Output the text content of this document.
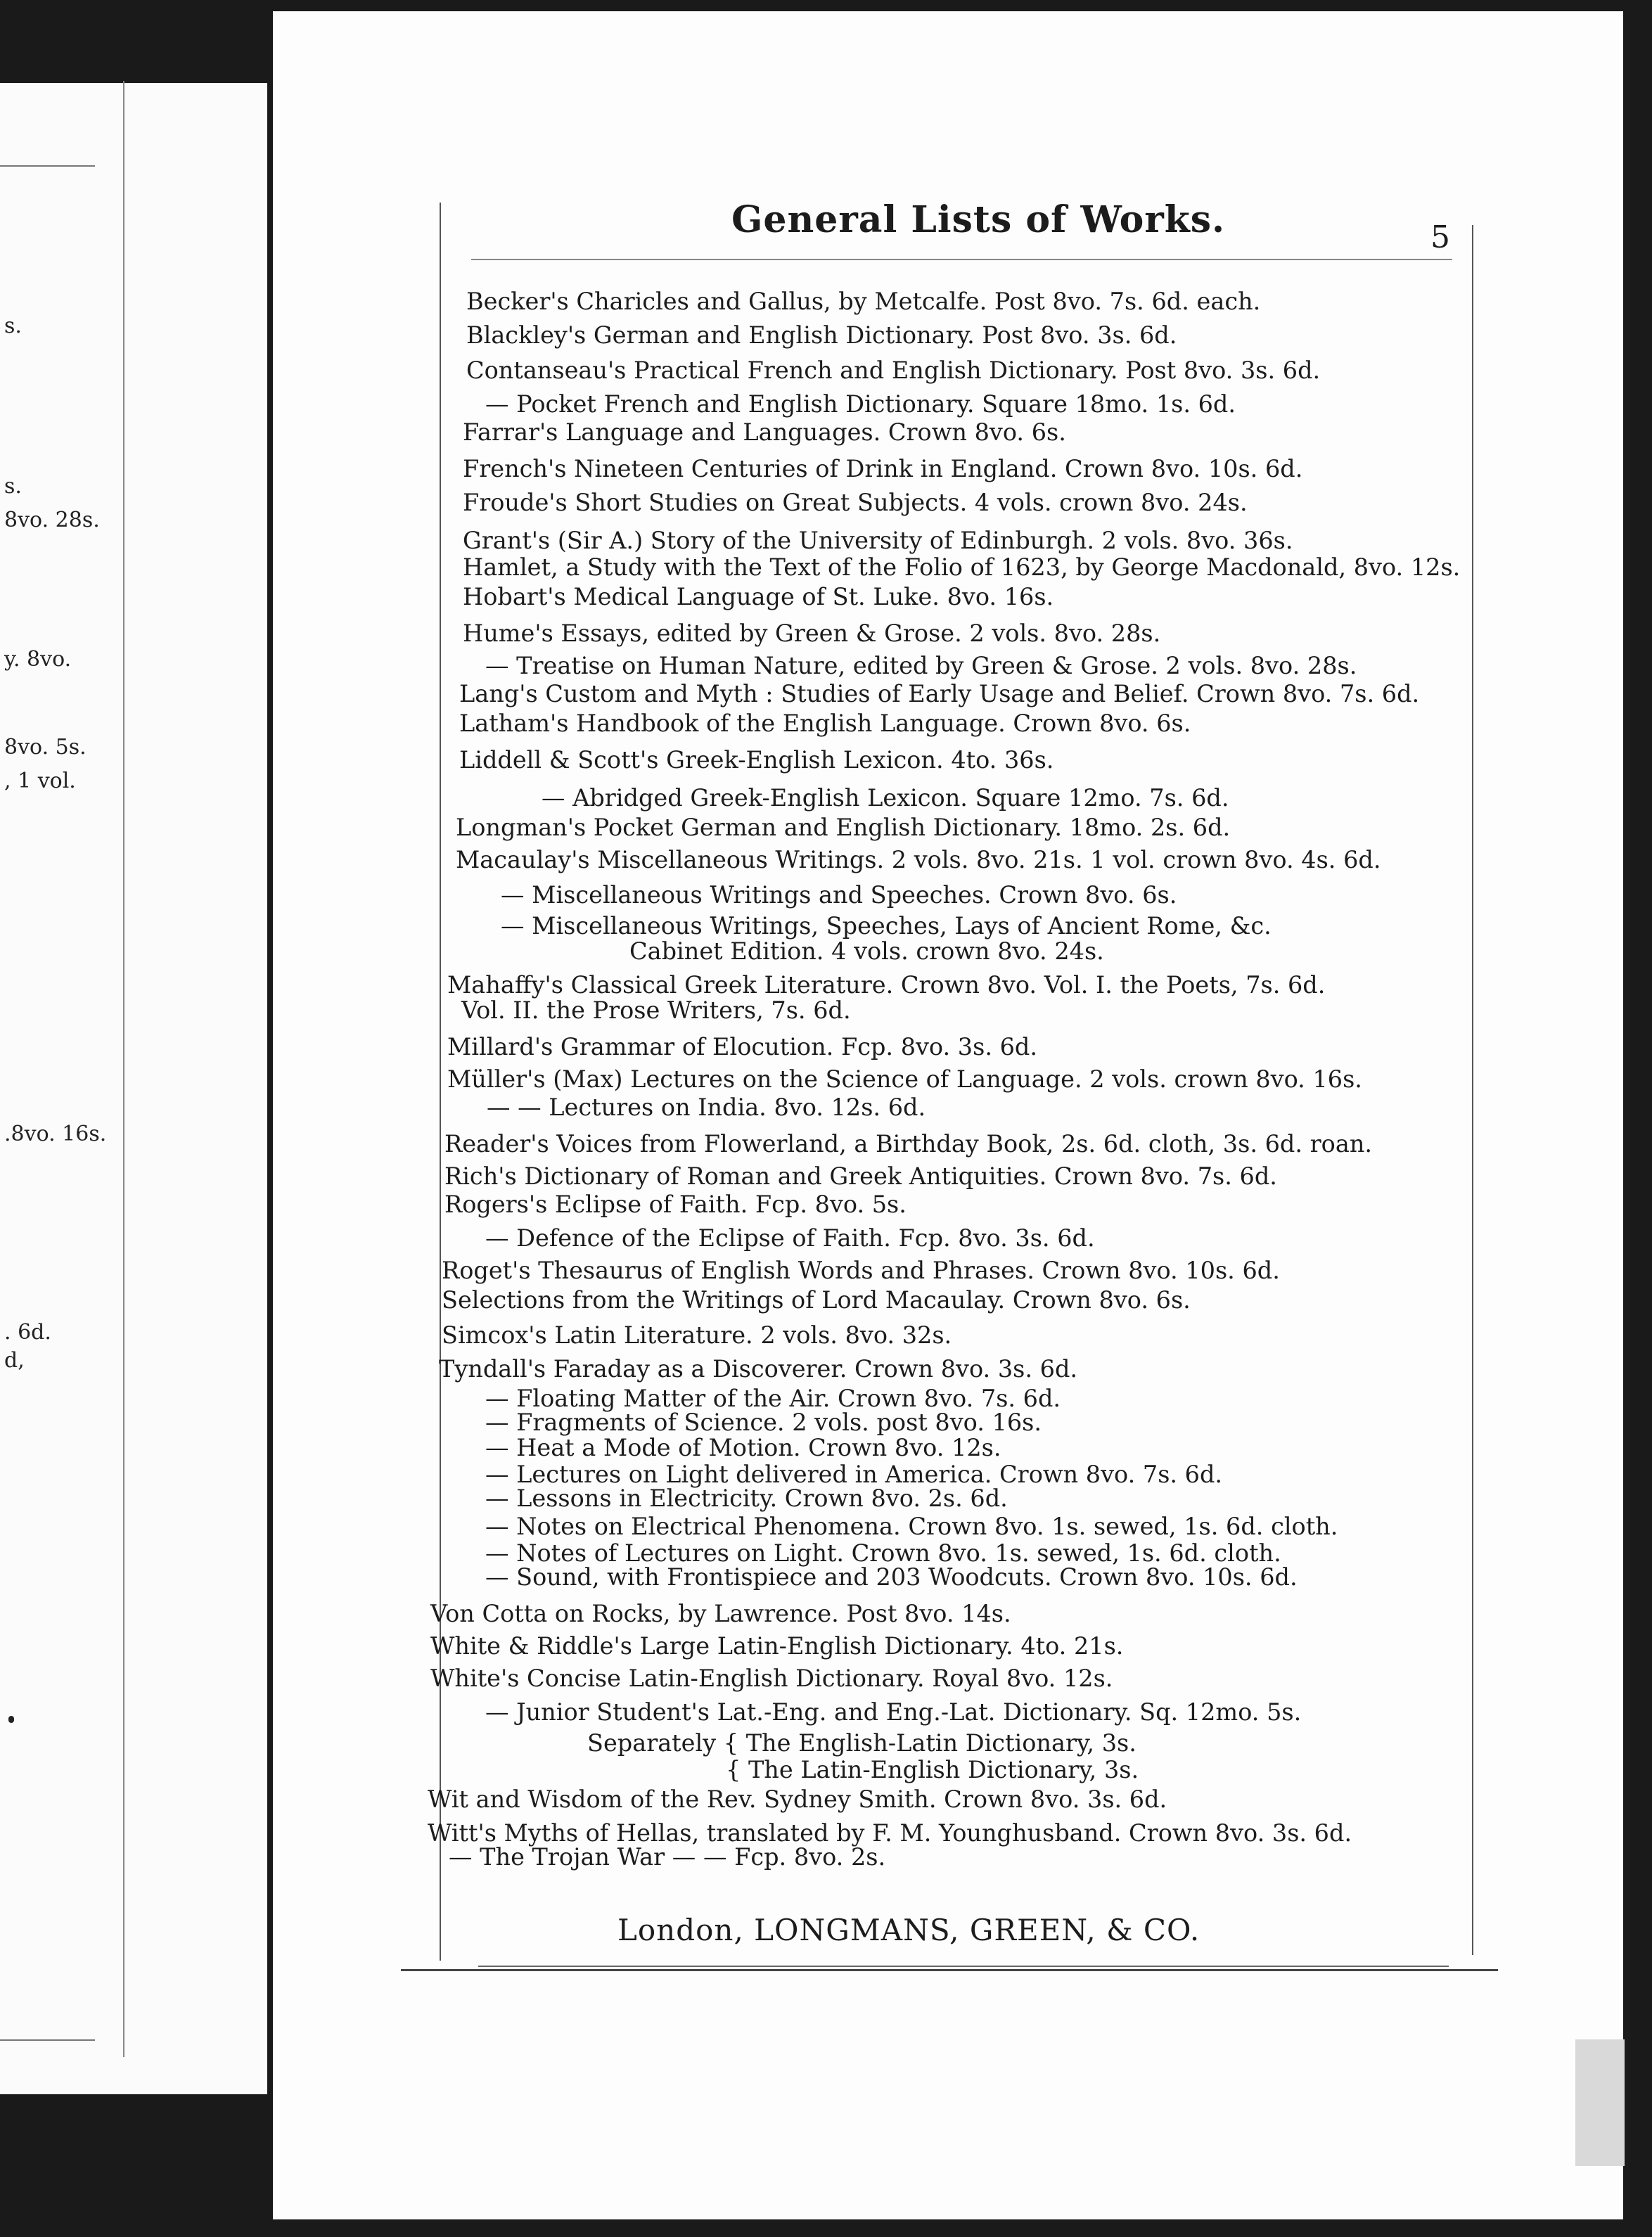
s.
s.
8vo. 28s.
y. 8vo.
8vo. 5s.
, 1 vol.
.8vo. 16s.
. 6d.
d,
General Lists of Works.	5
Becker's Charicles and Gallus, by Metcalfe. Post 8vo. 7s. 6d. each.
Blackley's German and English Dictionary. Post 8vo. 3s. 6d.
Contanseau's Practical French and English Dictionary. Post 8vo. 3s. 6d.
— Pocket French and English Dictionary. Square 18mo. 1s. 6d.
Farrar's Language and Languages. Crown 8vo. 6s.
French's Nineteen Centuries of Drink in England. Crown 8vo. 10s. 6d.
Froude's Short Studies on Great Subjects. 4 vols. crown 8vo. 24s.
Grant's (Sir A.) Story of the University of Edinburgh. 2 vols. 8vo. 36s.
Hamlet, a Study with the Text of the Folio of 1623, by George Macdonald, 8vo. 12s.
Hobart's Medical Language of St. Luke. 8vo. 16s.
Hume's Essays, edited by Green & Grose. 2 vols. 8vo. 28s.
— Treatise on Human Nature, edited by Green & Grose. 2 vols. 8vo. 28s.
Lang's Custom and Myth : Studies of Early Usage and Belief. Crown 8vo. 7s. 6d.
Latham's Handbook of the English Language. Crown 8vo. 6s.
Liddell & Scott's Greek-English Lexicon. 4to. 36s.
— Abridged Greek-English Lexicon. Square 12mo. 7s. 6d.
Longman's Pocket German and English Dictionary. 18mo. 2s. 6d.
Macaulay's Miscellaneous Writings. 2 vols. 8vo. 21s. 1 vol. crown 8vo. 4s. 6d.
— Miscellaneous Writings and Speeches. Crown 8vo. 6s.
— Miscellaneous Writings, Speeches, Lays of Ancient Rome, &c.
Cabinet Edition. 4 vols. crown 8vo. 24s.
Mahaffy's Classical Greek Literature. Crown 8vo. Vol. I. the Poets, 7s. 6d.
Vol. II. the Prose Writers, 7s. 6d.
Millard's Grammar of Elocution. Fcp. 8vo. 3s. 6d.
Müller's (Max) Lectures on the Science of Language. 2 vols. crown 8vo. 16s.
— — Lectures on India. 8vo. 12s. 6d.
Reader's Voices from Flowerland, a Birthday Book, 2s. 6d. cloth, 3s. 6d. roan.
Rich's Dictionary of Roman and Greek Antiquities. Crown 8vo. 7s. 6d.
Rogers's Eclipse of Faith. Fcp. 8vo. 5s.
— Defence of the Eclipse of Faith. Fcp. 8vo. 3s. 6d.
Roget's Thesaurus of English Words and Phrases. Crown 8vo. 10s. 6d.
Selections from the Writings of Lord Macaulay. Crown 8vo. 6s.
Simcox's Latin Literature. 2 vols. 8vo. 32s.
Tyndall's Faraday as a Discoverer. Crown 8vo. 3s. 6d.
— Floating Matter of the Air. Crown 8vo. 7s. 6d.
— Fragments of Science. 2 vols. post 8vo. 16s.
— Heat a Mode of Motion. Crown 8vo. 12s.
— Lectures on Light delivered in America. Crown 8vo. 7s. 6d.
— Lessons in Electricity. Crown 8vo. 2s. 6d.
— Notes on Electrical Phenomena. Crown 8vo. 1s. sewed, 1s. 6d. cloth.
— Notes of Lectures on Light. Crown 8vo. 1s. sewed, 1s. 6d. cloth.
— Sound, with Frontispiece and 203 Woodcuts. Crown 8vo. 10s. 6d.
Von Cotta on Rocks, by Lawrence. Post 8vo. 14s.
White & Riddle's Large Latin-English Dictionary. 4to. 21s.
White's Concise Latin-English Dictionary. Royal 8vo. 12s.
— Junior Student's Lat.-Eng. and Eng.-Lat. Dictionary. Sq. 12mo. 5s.
Separately { The English-Latin Dictionary, 3s.
{ The Latin-English Dictionary, 3s.
Wit and Wisdom of the Rev. Sydney Smith. Crown 8vo. 3s. 6d.
Witt's Myths of Hellas, translated by F. M. Younghusband. Crown 8vo. 3s. 6d.
— The Trojan War — — Fcp. 8vo. 2s.
London, LONGMANS, GREEN, & CO.
